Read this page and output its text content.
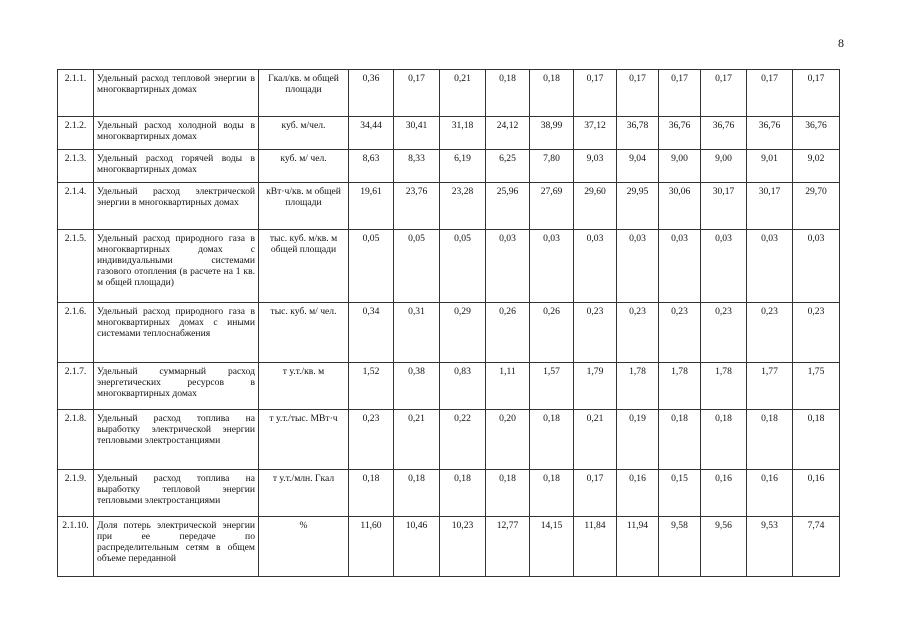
8
2.1.1.	Удельный расход тепловой энергии в многоквартирных домах	Гкал/кв. м общей площади	0,36	0,17	0,21	0,18	0,18	0,17	0,17	0,17	0,17	0,17	0,17
2.1.2.	Удельный расход холодной воды в многоквартирных домах	куб. м/чел.	34,44	30,41	31,18	24,12	38,99	37,12	36,78	36,76	36,76	36,76	36,76
2.1.3.	Удельный расход горячей воды в многоквартирных домах	куб. м/ чел.	8,63	8,33	6,19	6,25	7,80	9,03	9,04	9,00	9,00	9,01	9,02
2.1.4.	Удельный расход электрической энергии в многоквартирных домах	кВт·ч/кв. м общей площади	19,61	23,76	23,28	25,96	27,69	29,60	29,95	30,06	30,17	30,17	29,70
2.1.5.	Удельный расход природного газа в многоквартирных домах с индивидуальными системами газового отопления (в расчете на 1 кв. м общей площади)	тыс. куб. м/кв. м общей площади	0,05	0,05	0,05	0,03	0,03	0,03	0,03	0,03	0,03	0,03	0,03
2.1.6.	Удельный расход природного газа в многоквартирных домах с иными системами теплоснабжения	тыс. куб. м/ чел.	0,34	0,31	0,29	0,26	0,26	0,23	0,23	0,23	0,23	0,23	0,23
2.1.7.	Удельный суммарный расход энергетических ресурсов в многоквартирных домах	т у.т./кв. м	1,52	0,38	0,83	1,11	1,57	1,79	1,78	1,78	1,78	1,77	1,75
2.1.8.	Удельный расход топлива на выработку электрической энергии тепловыми электростанциями	т у.т./тыс. МВт·ч	0,23	0,21	0,22	0,20	0,18	0,21	0,19	0,18	0,18	0,18	0,18
2.1.9.	Удельный расход топлива на выработку тепловой энергии тепловыми электростанциями	т у.т./млн. Гкал	0,18	0,18	0,18	0,18	0,18	0,17	0,16	0,15	0,16	0,16	0,16
2.1.10.	Доля потерь электрической энергии при ее передаче по распределительным сетям в общем объеме переданной	%	11,60	10,46	10,23	12,77	14,15	11,84	11,94	9,58	9,56	9,53	7,74
